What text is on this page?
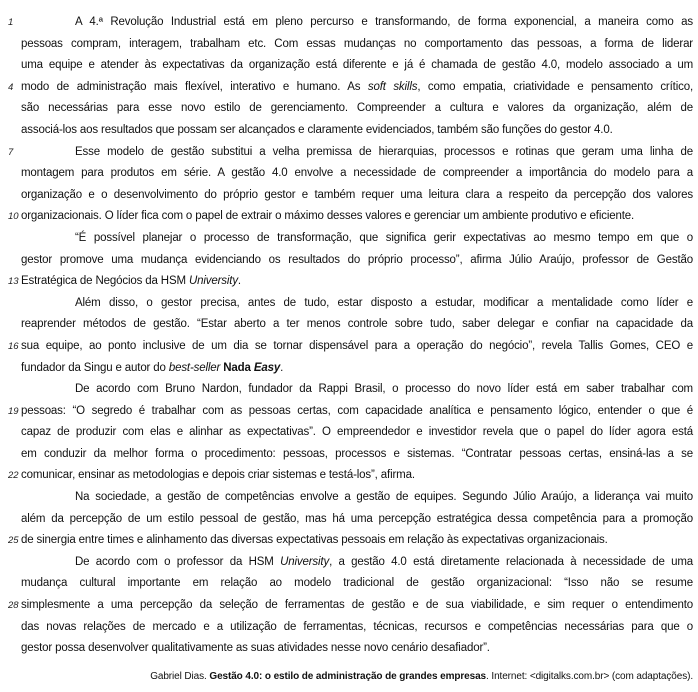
1	A 4.ª Revolução Industrial está em pleno percurso e transformando, de forma exponencial, a maneira como as
pessoas compram, interagem, trabalham etc. Com essas mudanças no comportamento das pessoas, a forma de liderar
uma equipe e atender às expectativas da organização está diferente e já é chamada de gestão 4.0, modelo associado a um
4 modo de administração mais flexível, interativo e humano. As soft skills, como empatia, criatividade e pensamento crítico,
são necessárias para esse novo estilo de gerenciamento. Compreender a cultura e valores da organização, além de
associá-los aos resultados que possam ser alcançados e claramente evidenciados, também são funções do gestor 4.0.
7	Esse modelo de gestão substitui a velha premissa de hierarquias, processos e rotinas que geram uma linha de
montagem para produtos em série. A gestão 4.0 envolve a necessidade de compreender a importância do modelo para a
organização e o desenvolvimento do próprio gestor e também requer uma leitura clara a respeito da percepção dos valores
10 organizacionais. O líder fica com o papel de extrair o máximo desses valores e gerenciar um ambiente produtivo e eficiente.
“É possível planejar o processo de transformação, que significa gerir expectativas ao mesmo tempo em que o
gestor promove uma mudança evidenciando os resultados do próprio processo”, afirma Júlio Araújo, professor de Gestão
13 Estratégica de Negócios da HSM University.
Além disso, o gestor precisa, antes de tudo, estar disposto a estudar, modificar a mentalidade como líder e
reaprender métodos de gestão. “Estar aberto a ter menos controle sobre tudo, saber delegar e confiar na capacidade da
16 sua equipe, ao ponto inclusive de um dia se tornar dispensável para a operação do negócio”, revela Tallis Gomes, CEO e
fundador da Singu e autor do best-seller Nada Easy.
De acordo com Bruno Nardon, fundador da Rappi Brasil, o processo do novo líder está em saber trabalhar com
19 pessoas: “O segredo é trabalhar com as pessoas certas, com capacidade analítica e pensamento lógico, entender o que é
capaz de produzir com elas e alinhar as expectativas”. O empreendedor e investidor revela que o papel do líder agora está
em conduzir da melhor forma o procedimento: pessoas, processos e sistemas. “Contratar pessoas certas, ensiná-las a se
22 comunicar, ensinar as metodologias e depois criar sistemas e testá-los”, afirma.
Na sociedade, a gestão de competências envolve a gestão de equipes. Segundo Júlio Araújo, a liderança vai muito
além da percepção de um estilo pessoal de gestão, mas há uma percepção estratégica dessa competência para a promoção
25 de sinergia entre times e alinhamento das diversas expectativas pessoais em relação às expectativas organizacionais.
De acordo com o professor da HSM University, a gestão 4.0 está diretamente relacionada à necessidade de uma
mudança cultural importante em relação ao modelo tradicional de gestão organizacional: “Isso não se resume
28 simplesmente a uma percepção da seleção de ferramentas de gestão e de sua viabilidade, e sim requer o entendimento
das novas relações de mercado e a utilização de ferramentas, técnicas, recursos e competências necessárias para que o
gestor possa desenvolver qualitativamente as suas atividades nesse novo cenário desafiador”.
Gabriel Dias. Gestão 4.0: o estilo de administração de grandes empresas. Internet: <digitalks.com.br> (com adaptações).
